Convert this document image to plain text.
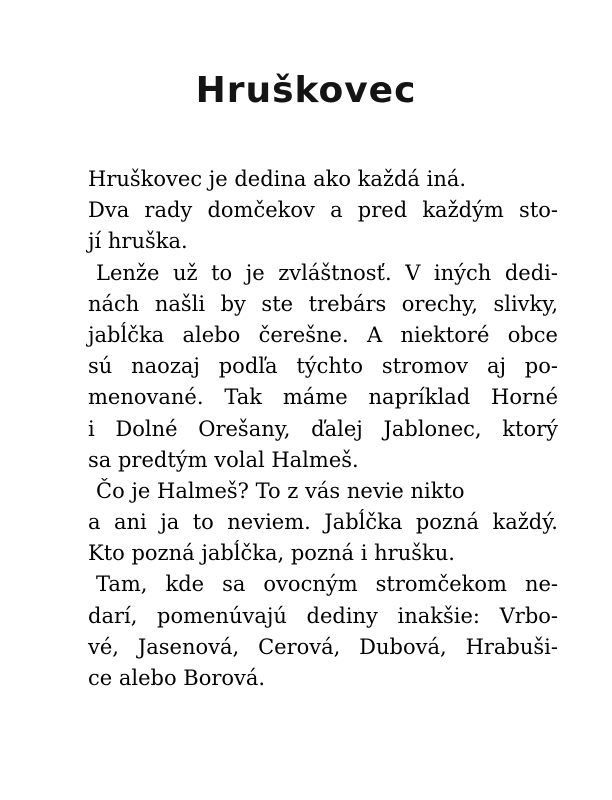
Hruškovec
Hruškovec je dedina ako každá iná.
Dva rady domčekov a pred každým sto-
jí hruška.
Lenže už to je zvláštnosť. V iných dedi-
nách našli by ste trebárs orechy, slivky,
jabĺčka alebo čerešne. A niektoré obce
sú naozaj podľa týchto stromov aj po-
menované. Tak máme napríklad Horné
i Dolné Orešany, ďalej Jablonec, ktorý
sa predtým volal Halmeš.
Čo je Halmeš? To z vás nevie nikto
a ani ja to neviem. Jabĺčka pozná každý.
Kto pozná jabĺčka, pozná i hrušku.
Tam, kde sa ovocným stromčekom ne-
darí, pomenúvajú dediny inakšie: Vrbo-
vé, Jasenová, Cerová, Dubová, Hrabuši-
ce alebo Borová.
